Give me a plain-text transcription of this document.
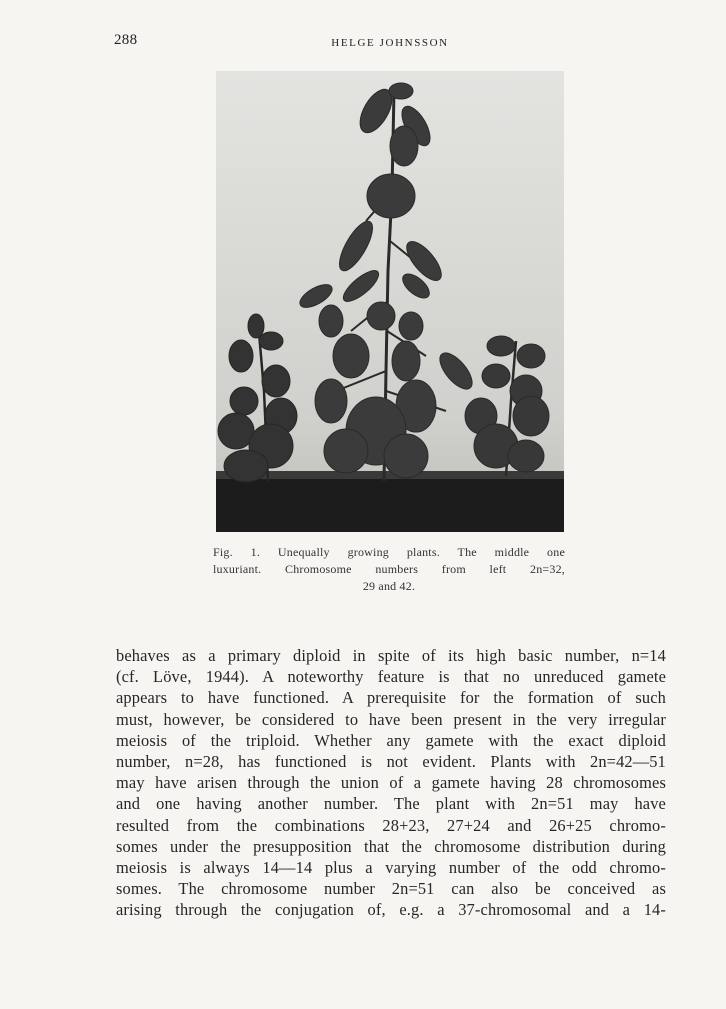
288	HELGE JOHNSSON
Fig. 1. Unequally growing plants. The middle one
luxuriant. Chromosome numbers from left 2n=32,
29 and 42.
behaves as a primary diploid in spite of its high basic number, n=14
(cf. Löve, 1944). A noteworthy feature is that no unreduced gamete
appears to have functioned. A prerequisite for the formation of such
must, however, be considered to have been present in the very irregular
meiosis of the triploid. Whether any gamete with the exact diploid
number, n=28, has functioned is not evident. Plants with 2n=42—51
may have arisen through the union of a gamete having 28 chromosomes
and one having another number. The plant with 2n=51 may have
resulted from the combinations 28+23, 27+24 and 26+25 chromo-
somes under the presupposition that the chromosome distribution during
meiosis is always 14—14 plus a varying number of the odd chromo-
somes. The chromosome number 2n=51 can also be conceived as
arising through the conjugation of, e.g. a 37-chromosomal and a 14-
